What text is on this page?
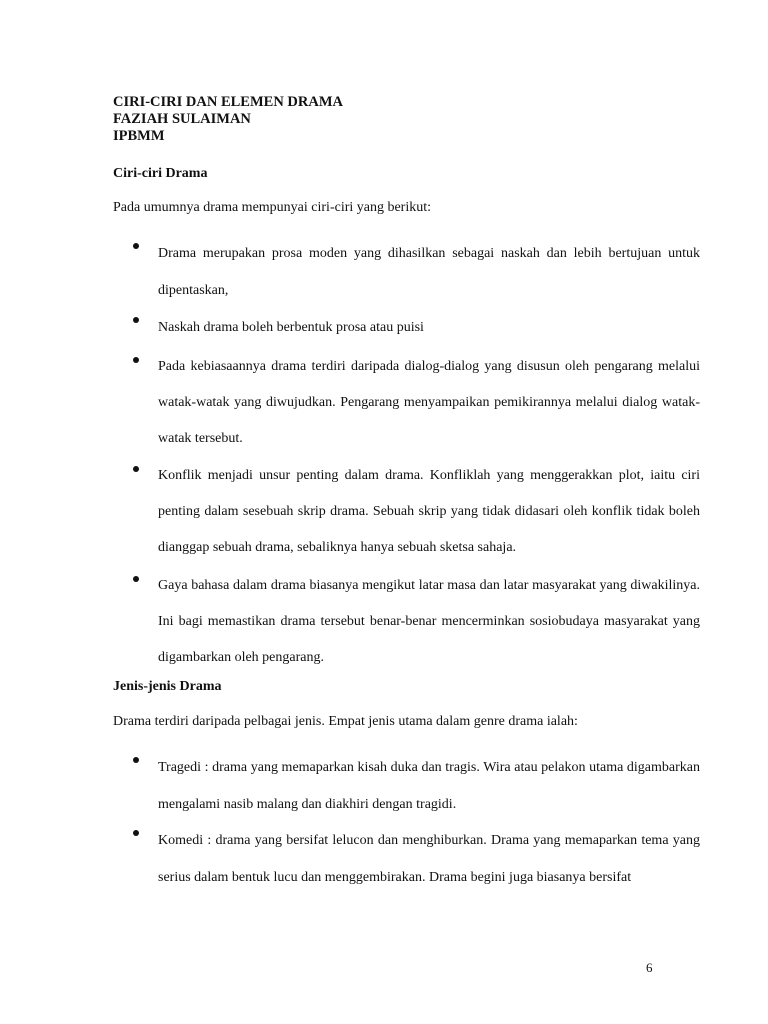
CIRI-CIRI DAN ELEMEN DRAMA

FAZIAH SULAIMAN

IPBMM

Ciri-ciri Drama

Pada umumnya drama mempunyai ciri-ciri yang berikut:

Drama merupakan prosa moden yang dihasilkan sebagai naskah dan lebih bertujuan untuk dipentaskan,

Naskah drama boleh berbentuk prosa atau puisi

Pada kebiasaannya drama terdiri daripada dialog-dialog yang disusun oleh pengarang melalui watak-watak yang diwujudkan. Pengarang menyampaikan pemikirannya melalui dialog watak-watak tersebut.

Konflik menjadi unsur penting dalam drama. Konfliklah yang menggerakkan plot, iaitu ciri penting dalam sesebuah skrip drama. Sebuah skrip yang tidak didasari oleh konflik tidak boleh dianggap sebuah drama, sebaliknya hanya sebuah sketsa sahaja.

Gaya bahasa dalam drama biasanya mengikut latar masa dan latar masyarakat yang diwakilinya. Ini bagi memastikan drama tersebut benar-benar mencerminkan sosiobudaya masyarakat yang digambarkan oleh pengarang.

Jenis-jenis Drama

Drama terdiri daripada pelbagai jenis. Empat jenis utama dalam genre drama ialah:

Tragedi : drama yang memaparkan kisah duka dan tragis. Wira atau pelakon utama digambarkan mengalami nasib malang dan diakhiri dengan tragidi.

Komedi : drama yang bersifat lelucon dan menghiburkan. Drama yang memaparkan tema yang serius dalam bentuk lucu dan menggembirakan. Drama begini juga biasanya bersifat

6
